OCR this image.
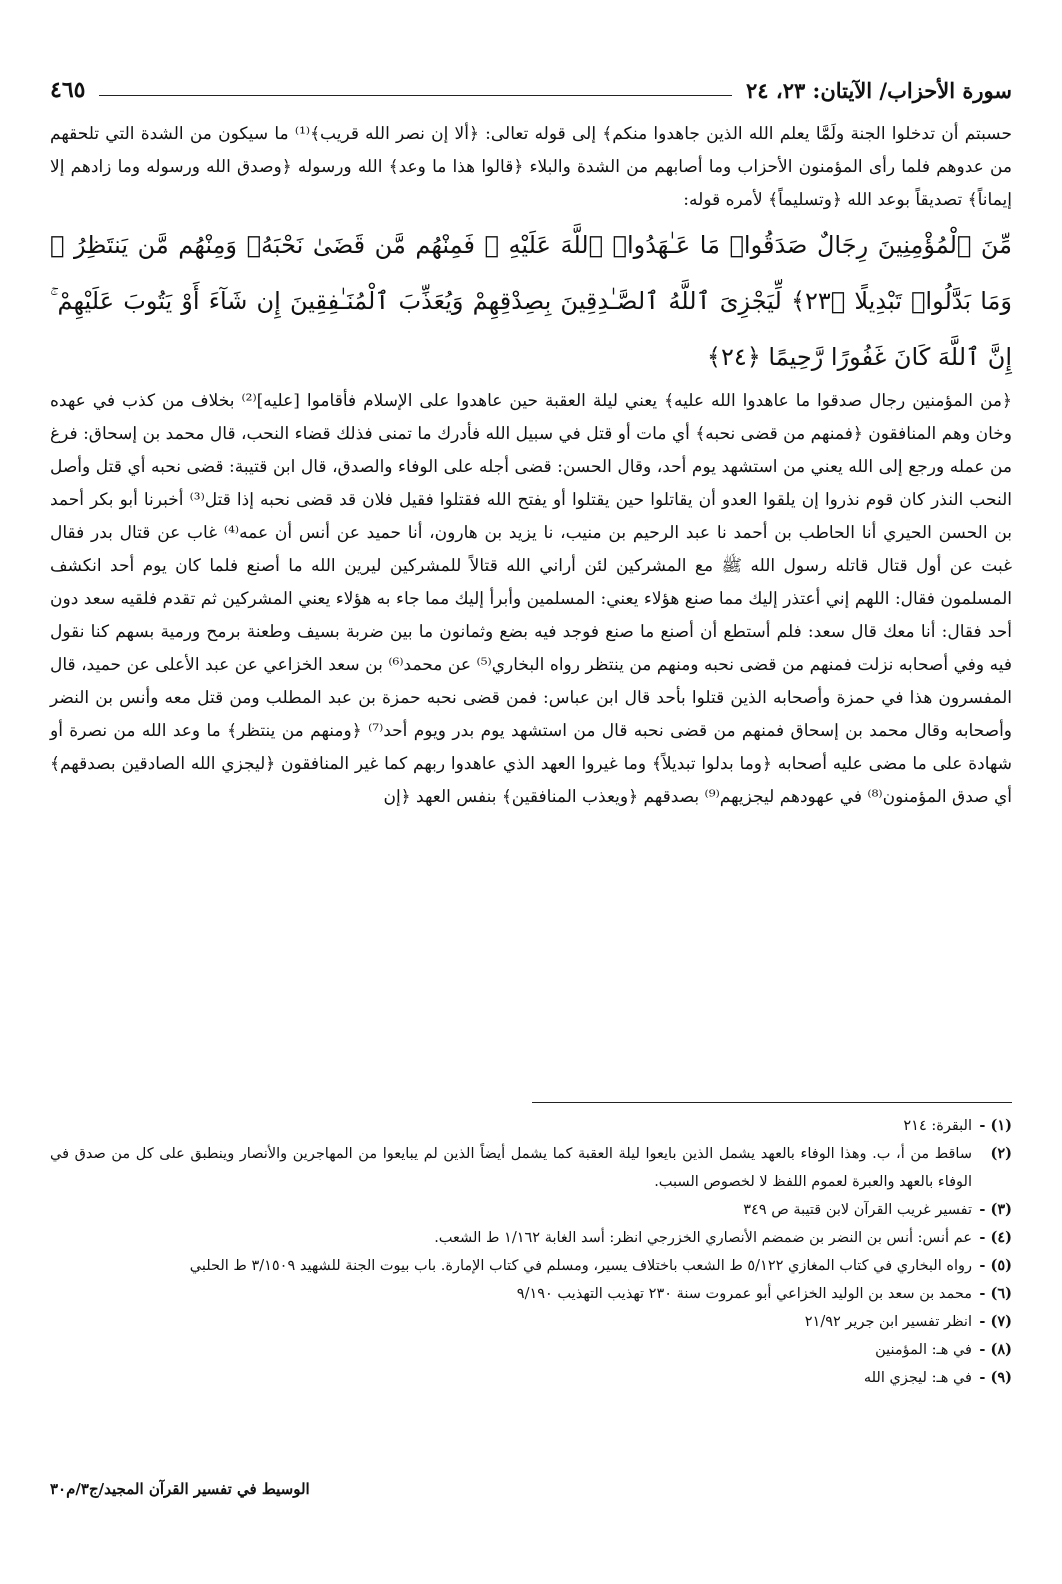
سورة الأحزاب/ الآيتان: ٢٣، ٢٤
٤٦٥

حسبتم أن تدخلوا الجنة ولَمَّا يعلم الله الذين جاهدوا منكم﴾ إلى قوله تعالى: ﴿ألا إن نصر الله قريب﴾⁽¹⁾ ما سيكون من الشدة التي تلحقهم من عدوهم فلما رأى المؤمنون الأحزاب وما أصابهم من الشدة والبلاء ﴿قالوا هذا ما وعد﴾ الله ورسوله ﴿وصدق الله ورسوله وما زادهم إلا إيماناً﴾ تصديقاً بوعد الله ﴿وتسليماً﴾ لأمره قوله:

مِّنَ ٱلْمُؤْمِنِينَ رِجَالٌ صَدَقُوا۟ مَا عَـٰهَدُوا۟ ٱللَّهَ عَلَيْهِ ۖ فَمِنْهُم مَّن قَضَىٰ نَحْبَهُۥ وَمِنْهُم مَّن يَنتَظِرُ ۖ وَمَا بَدَّلُوا۟ تَبْدِيلًا ﴿٢٣﴾ لِّيَجْزِىَ ٱللَّهُ ٱلصَّـٰدِقِينَ بِصِدْقِهِمْ وَيُعَذِّبَ ٱلْمُنَـٰفِقِينَ إِن شَآءَ أَوْ يَتُوبَ عَلَيْهِمْ ۚ إِنَّ ٱللَّهَ كَانَ غَفُورًا رَّحِيمًا ﴿٢٤﴾

﴿من المؤمنين رجال صدقوا ما عاهدوا الله عليه﴾ يعني ليلة العقبة حين عاهدوا على الإسلام فأقاموا [عليه]⁽²⁾ بخلاف من كذب في عهده وخان وهم المنافقون ﴿فمنهم من قضى نحبه﴾ أي مات أو قتل في سبيل الله فأدرك ما تمنى فذلك قضاء النحب، قال محمد بن إسحاق: فرغ من عمله ورجع إلى الله يعني من استشهد يوم أحد، وقال الحسن: قضى أجله على الوفاء والصدق، قال ابن قتيبة: قضى نحبه أي قتل وأصل النحب النذر كان قوم نذروا إن يلقوا العدو أن يقاتلوا حين يقتلوا أو يفتح الله فقتلوا فقيل فلان قد قضى نحبه إذا قتل⁽³⁾ أخبرنا أبو بكر أحمد بن الحسن الحيري أنا الحاطب بن أحمد نا عبد الرحيم بن منيب، نا يزيد بن هارون، أنا حميد عن أنس أن عمه⁽⁴⁾ غاب عن قتال بدر فقال غبت عن أول قتال قاتله رسول الله ﷺ مع المشركين لئن أراني الله قتالاً للمشركين ليرين الله ما أصنع فلما كان يوم أحد انكشف المسلمون فقال: اللهم إني أعتذر إليك مما صنع هؤلاء يعني: المسلمين وأبرأ إليك مما جاء به هؤلاء يعني المشركين ثم تقدم فلقيه سعد دون أحد فقال: أنا معك قال سعد: فلم أستطع أن أصنع ما صنع فوجد فيه بضع وثمانون ما بين ضربة بسيف وطعنة برمح ورمية بسهم كنا نقول فيه وفي أصحابه نزلت فمنهم من قضى نحبه ومنهم من ينتظر رواه البخاري⁽⁵⁾ عن محمد⁽⁶⁾ بن سعد الخزاعي عن عبد الأعلى عن حميد، قال المفسرون هذا في حمزة وأصحابه الذين قتلوا بأحد قال ابن عباس: فمن قضى نحبه حمزة بن عبد المطلب ومن قتل معه وأنس بن النضر وأصحابه وقال محمد بن إسحاق فمنهم من قضى نحبه قال من استشهد يوم بدر ويوم أحد⁽⁷⁾ ﴿ومنهم من ينتظر﴾ ما وعد الله من نصرة أو شهادة على ما مضى عليه أصحابه ﴿وما بدلوا تبديلاً﴾ وما غيروا العهد الذي عاهدوا ربهم كما غير المنافقون ﴿ليجزي الله الصادقين بصدقهم﴾ أي صدق المؤمنون⁽⁸⁾ في عهودهم ليجزيهم⁽⁹⁾ بصدقهم ﴿ويعذب المنافقين﴾ بنفس العهد ﴿إن

(١) -
البقرة: ٢١٤
(٢)
ساقط من أ، ب. وهذا الوفاء بالعهد يشمل الذين بايعوا ليلة العقبة كما يشمل أيضاً الذين لم يبايعوا من المهاجرين والأنصار وينطبق على كل من صدق في الوفاء بالعهد والعبرة لعموم اللفظ لا لخصوص السبب.
(٣) -
تفسير غريب القرآن لابن قتيبة ص ٣٤٩
(٤) -
عم أنس: أنس بن النضر بن ضمضم الأنصاري الخزرجي انظر: أسد الغابة ١/١٦٢ ط الشعب.
(٥) -
رواه البخاري في كتاب المغازي ٥/١٢٢ ط الشعب باختلاف يسير، ومسلم في كتاب الإمارة. باب بيوت الجنة للشهيد ٣/١٥٠٩ ط الحلبي
(٦) -
محمد بن سعد بن الوليد الخزاعي أبو عمروت سنة ٢٣٠ تهذيب التهذيب ٩/١٩٠
(٧) -
انظر تفسير ابن جرير ٢١/٩٢
(٨) -
في هـ: المؤمنين
(٩) -
في هـ: ليجزي الله
الوسيط في تفسير القرآن المجيد/ج٣/م٣٠
